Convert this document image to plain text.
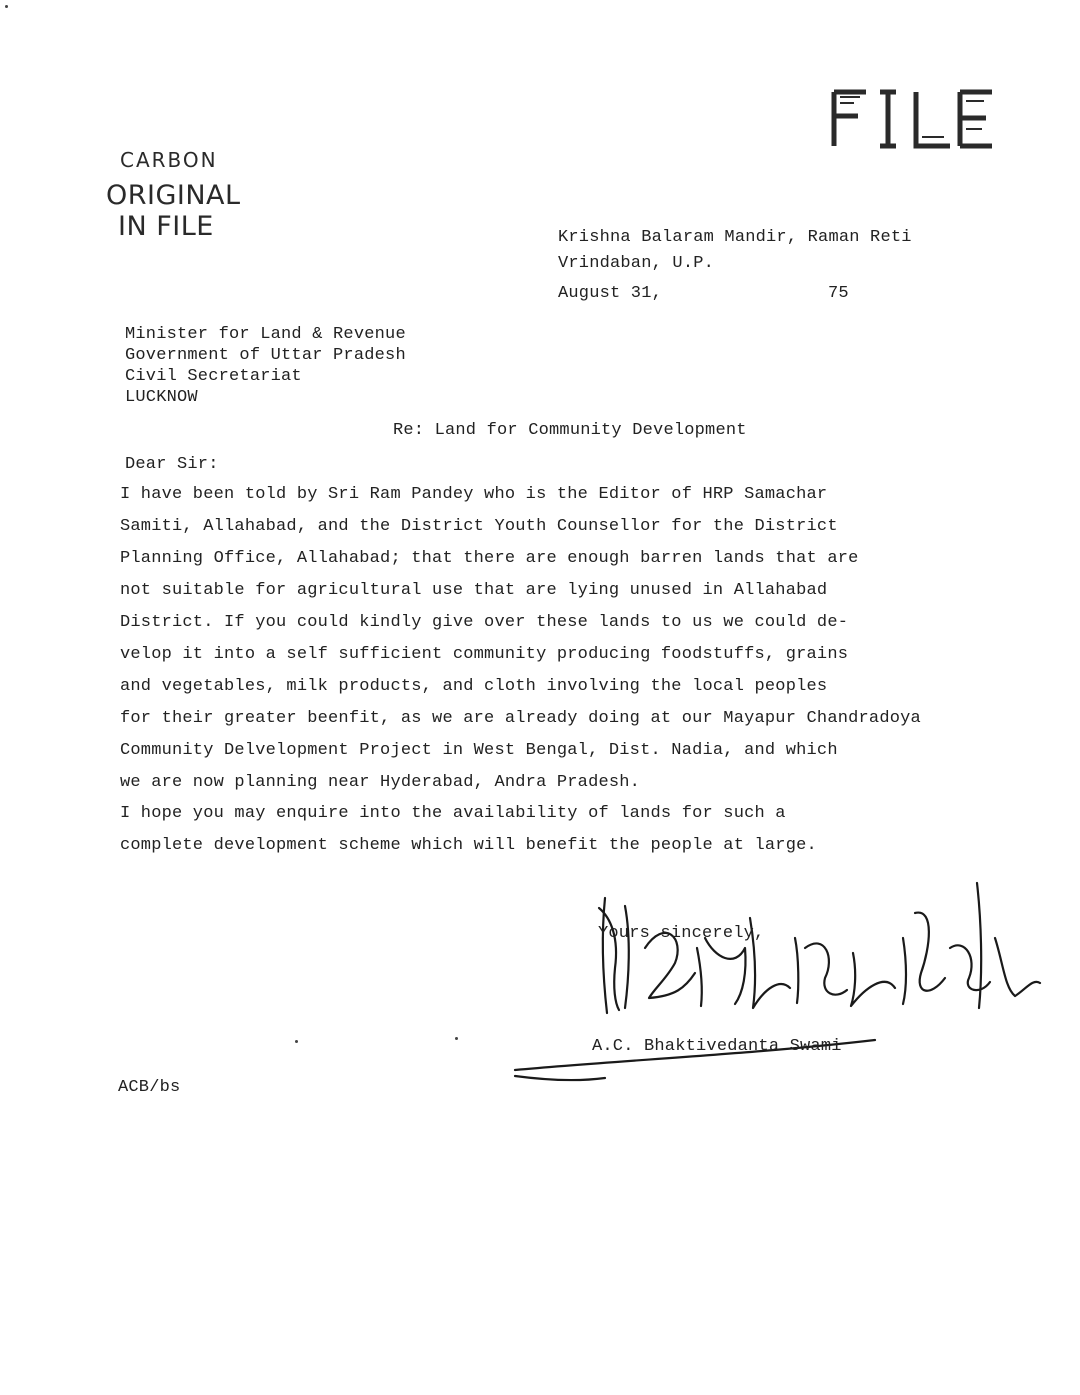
CARBON
ORIGINAL
IN FILE	Krishna Balaram Mandir, Raman Reti
Vrindaban, U.P.
August 31,	75
Minister for Land & Revenue
Government of Uttar Pradesh
Civil Secretariat
LUCKNOW
Re: Land for Community Development
Dear Sir:
I have been told by Sri Ram Pandey who is the Editor of HRP Samachar
Samiti, Allahabad, and the District Youth Counsellor for the District
Planning Office, Allahabad; that there are enough barren lands that are
not suitable for agricultural use that are lying unused in Allahabad
District. If you could kindly give over these lands to us we could de-
velop it into a self sufficient community producing foodstuffs, grains
and vegetables, milk products, and cloth involving the local peoples
for their greater beenfit, as we are already doing at our Mayapur Chandradoya
Community Delvelopment Project in West Bengal, Dist. Nadia, and which
we are now planning near Hyderabad, Andra Pradesh.
I hope you may enquire into the availability of lands for such a
complete development scheme which will benefit the people at large.
Yours sincerely,
A.C. Bhaktivedanta Swami
ACB/bs
